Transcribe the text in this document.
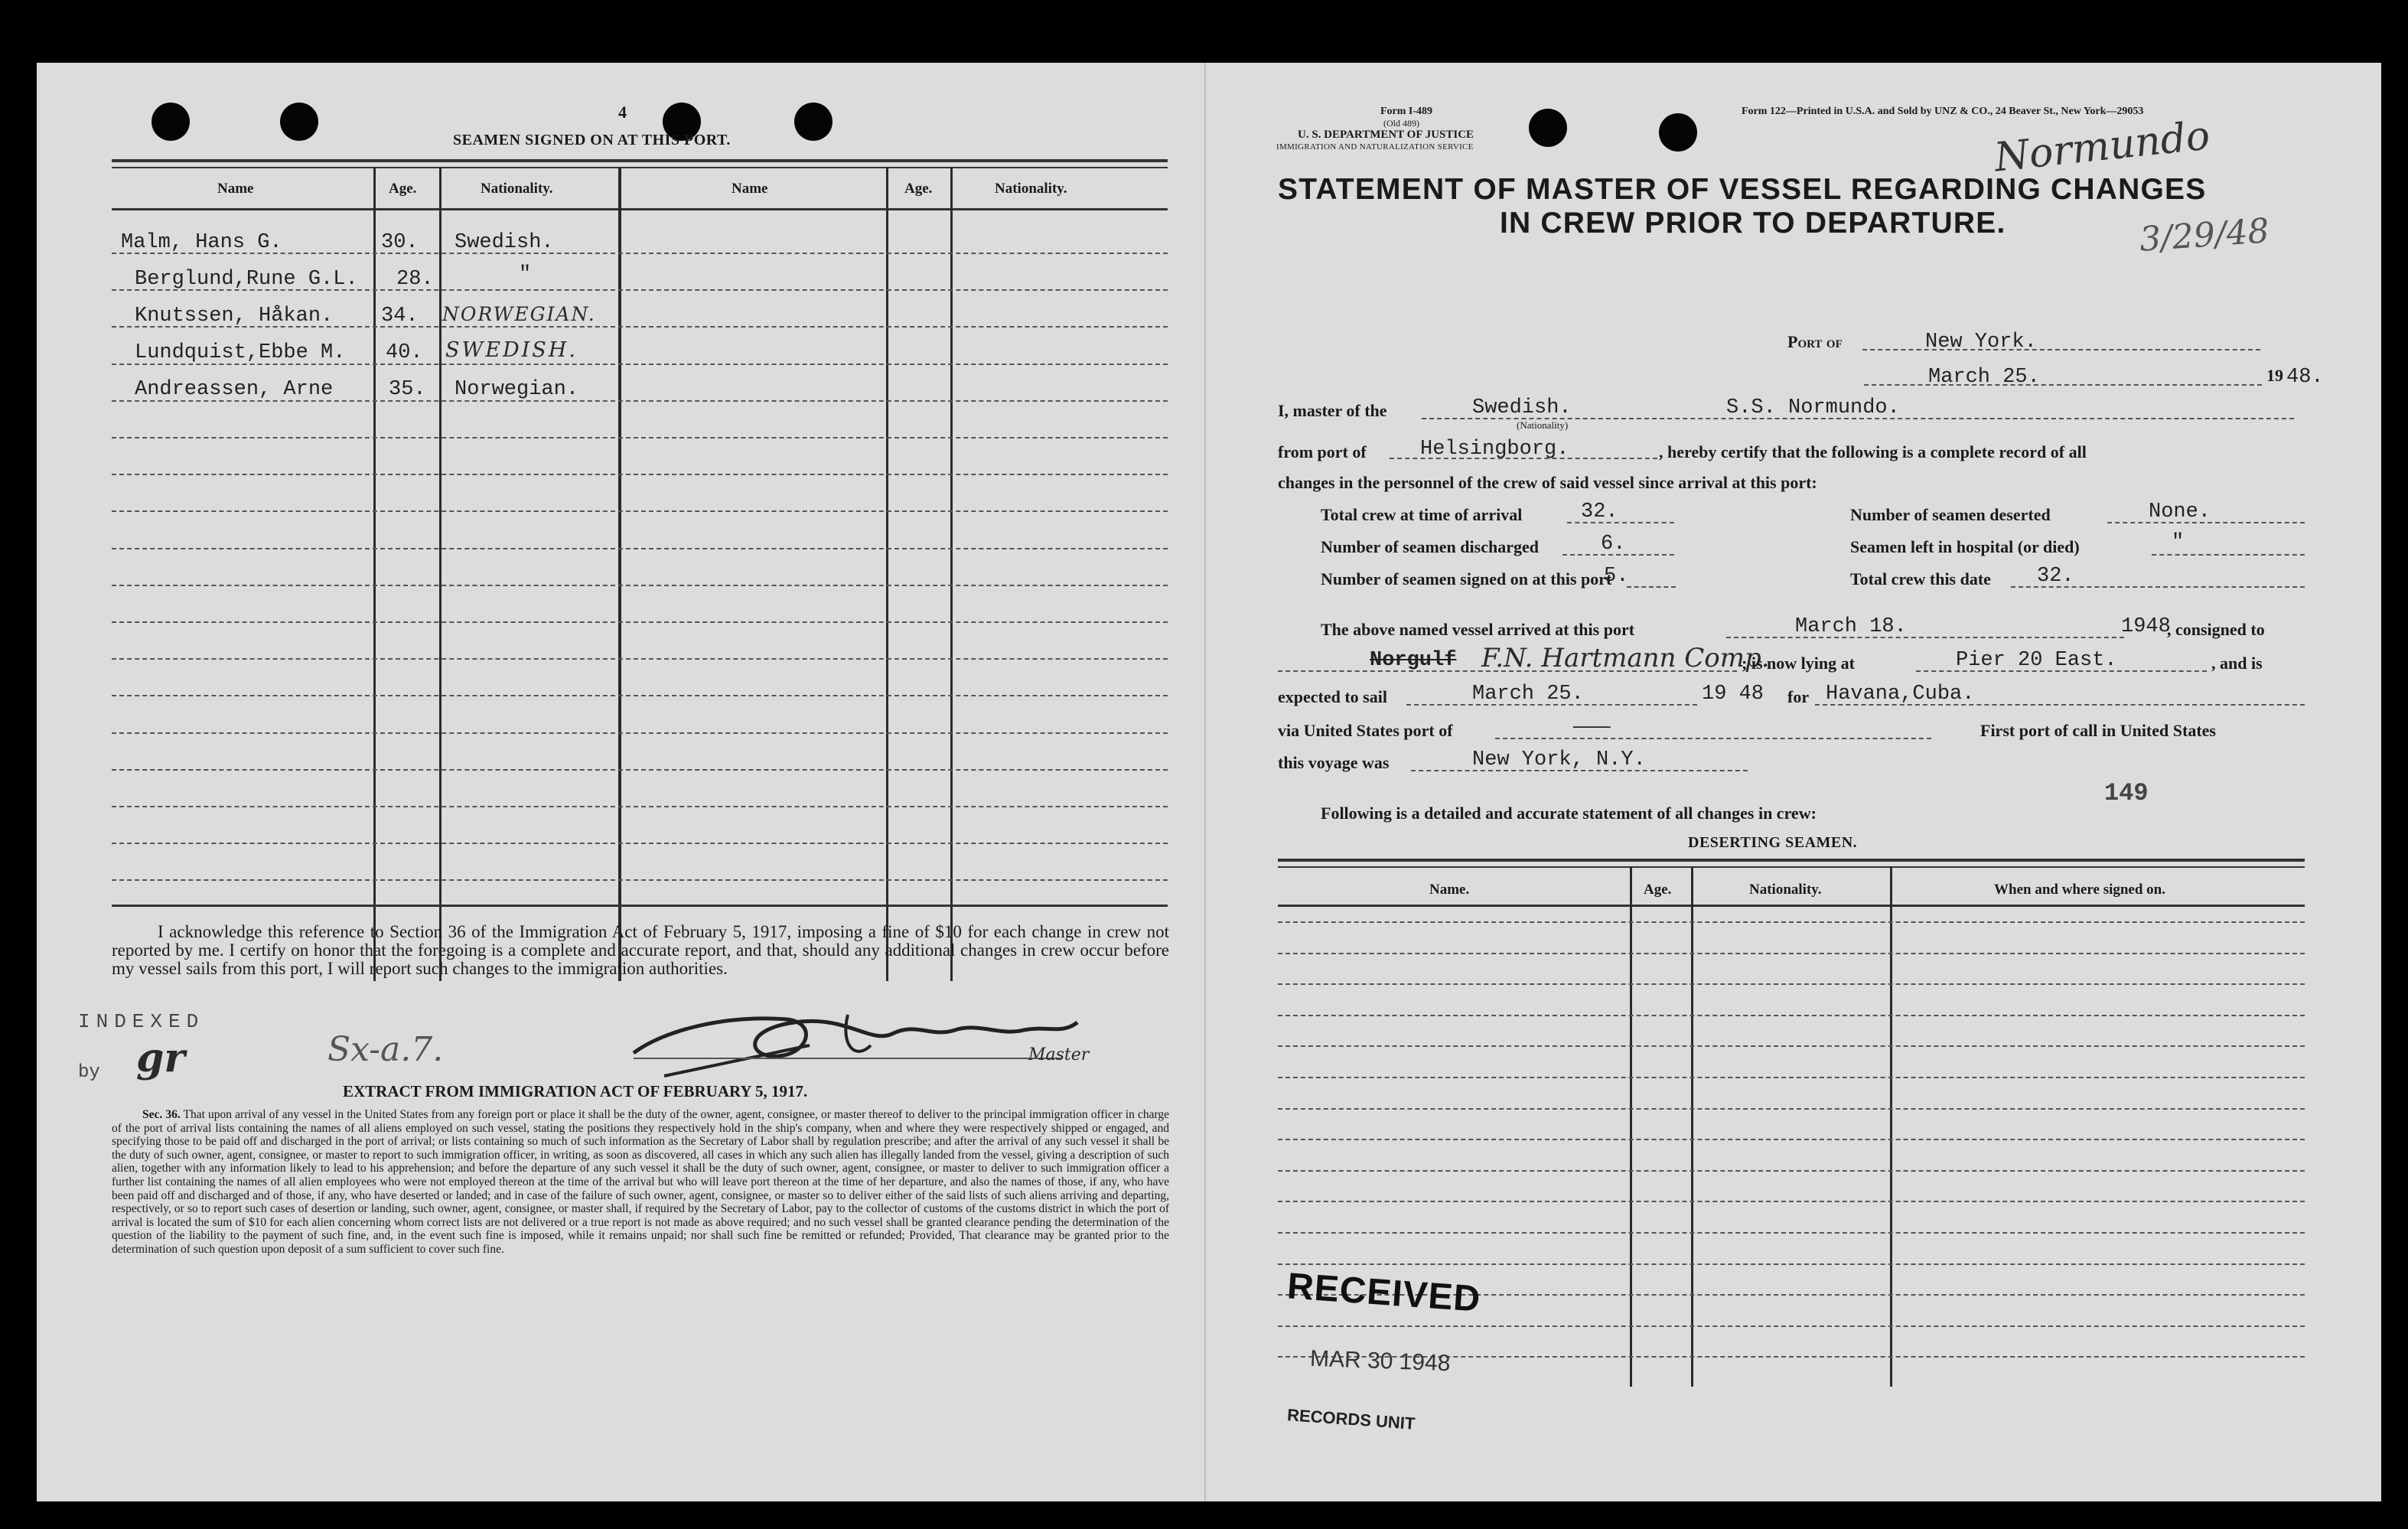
4
SEAMEN SIGNED ON AT THIS PORT.
Name	Age.	Nationality.	Name	Age.	Nationality.
Malm, Hans G.	30. Swedish.
Berglund,Rune G.L. 28.	"
Knutssen, Håkan. 34. NORWEGIAN.
Lundquist,Ebbe M. 40. SWEDISH.
Andreassen, Arne	35. Norwegian.
I acknowledge this reference to Section 36 of the Immigration Act of February 5, 1917, imposing a fine of $10 for each change in crew not reported by me. I certify on honor that the foregoing is a complete and accurate report, and that, should any additional changes in crew occur before my vessel sails from this port, I will report such changes to the immigration authorities.
INDEXED
by gr	Sx-a.7.	Master
EXTRACT FROM IMMIGRATION ACT OF FEBRUARY 5, 1917.
Sec. 36. That upon arrival of any vessel in the United States from any foreign port or place it shall be the duty of the owner, agent, consignee, or master thereof to deliver to the principal immigration officer in charge of the port of arrival lists containing the names of all aliens employed on such vessel, stating the positions they respectively hold in the ship's company, when and where they were respectively shipped or engaged, and specifying those to be paid off and discharged in the port of arrival; or lists containing so much of such information as the Secretary of Labor shall by regulation prescribe; and after the arrival of any such vessel it shall be the duty of such owner, agent, consignee, or master to report to such immigration officer, in writing, as soon as discovered, all cases in which any such alien has illegally landed from the vessel, giving a description of such alien, together with any information likely to lead to his apprehension; and before the departure of any such vessel it shall be the duty of such owner, agent, consignee, or master to deliver to such immigration officer a further list containing the names of all alien employees who were not employed thereon at the time of the arrival but who will leave port thereon at the time of her departure, and also the names of those, if any, who have been paid off and discharged and of those, if any, who have deserted or landed; and in case of the failure of such owner, agent, consignee, or master so to deliver either of the said lists of such aliens arriving and departing, respectively, or so to report such cases of desertion or landing, such owner, agent, consignee, or master shall, if required by the Secretary of Labor, pay to the collector of customs of the customs district in which the port of arrival is located the sum of $10 for each alien concerning whom correct lists are not delivered or a true report is not made as above required; and no such vessel shall be granted clearance pending the determination of the question of the liability to the payment of such fine, and, in the event such fine is imposed, while it remains unpaid; nor shall such fine be remitted or refunded; Provided, That clearance may be granted prior to the determination of such question upon deposit of a sum sufficient to cover such fine.
Form I-489
(Old 489)
U. S. DEPARTMENT OF JUSTICE
IMMIGRATION AND NATURALIZATION SERVICE
Form 122—Printed in U.S.A. and Sold by UNZ & CO., 24 Beaver St., New York—29053
Normundo
3/29/48
STATEMENT OF MASTER OF VESSEL REGARDING CHANGES
IN CREW PRIOR TO DEPARTURE.
Port of	New York.
March 25.	19 48.
I, master of the	Swedish.
(Nationality)
S.S. Normundo.
from port of	Helsingborg.	, hereby certify that the following is a complete record of all
changes in the personnel of the crew of said vessel since arrival at this port:
Total crew at time of arrival	32.	Number of seamen deserted	None.
Number of seamen discharged	6.	Seamen left in hospital (or died)	"
Number of seamen signed on at this port
5.	Total crew this date 32.
The above named vessel arrived at this port	March 18.	1948
, consigned to
Norgulf F.N. Hartmann Comp.
; is now lying at	Pier 20 East.	, and is
expected to sail	March 25.	19 48 for Havana,Cuba.
via United States port of	———	First port of call in United States
this voyage was	New York, N.Y.
149
Following is a detailed and accurate statement of all changes in crew:
DESERTING SEAMEN.
Name.	Age.	Nationality.	When and where signed on.
RECEIVED
MAR 30 1948
RECORDS UNIT
